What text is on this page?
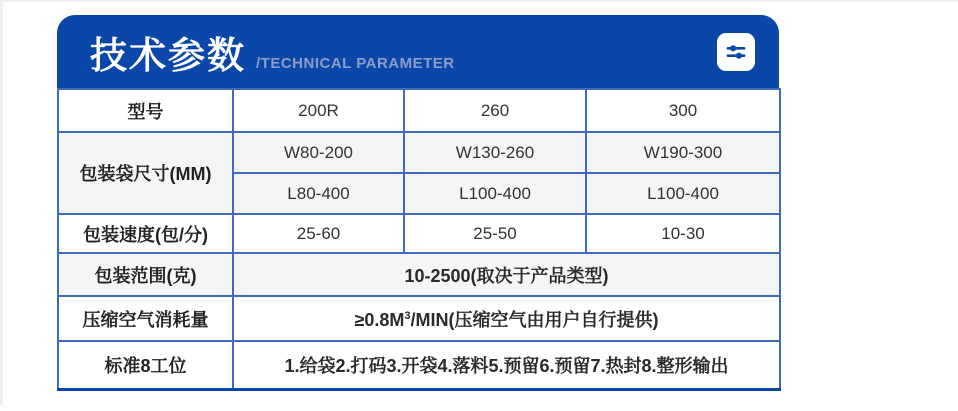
技术参数 /TECHNICAL PARAMETER
型号	200R	260	300
包装袋尺寸(MM)	W80-200	W130-260	W190-300
	L80-400	L100-400	L100-400
包装速度(包/分)	25-60	25-50	10-30
包装范围(克)	10-2500(取决于产品类型)		
压缩空气消耗量	$\ge 0.8M^3/MIN$(压缩空气由用户自行提供)		
标准8工位	1.给袋2.打码3.开袋4.落料5.预留6.预留7.热封8.整形输出		
